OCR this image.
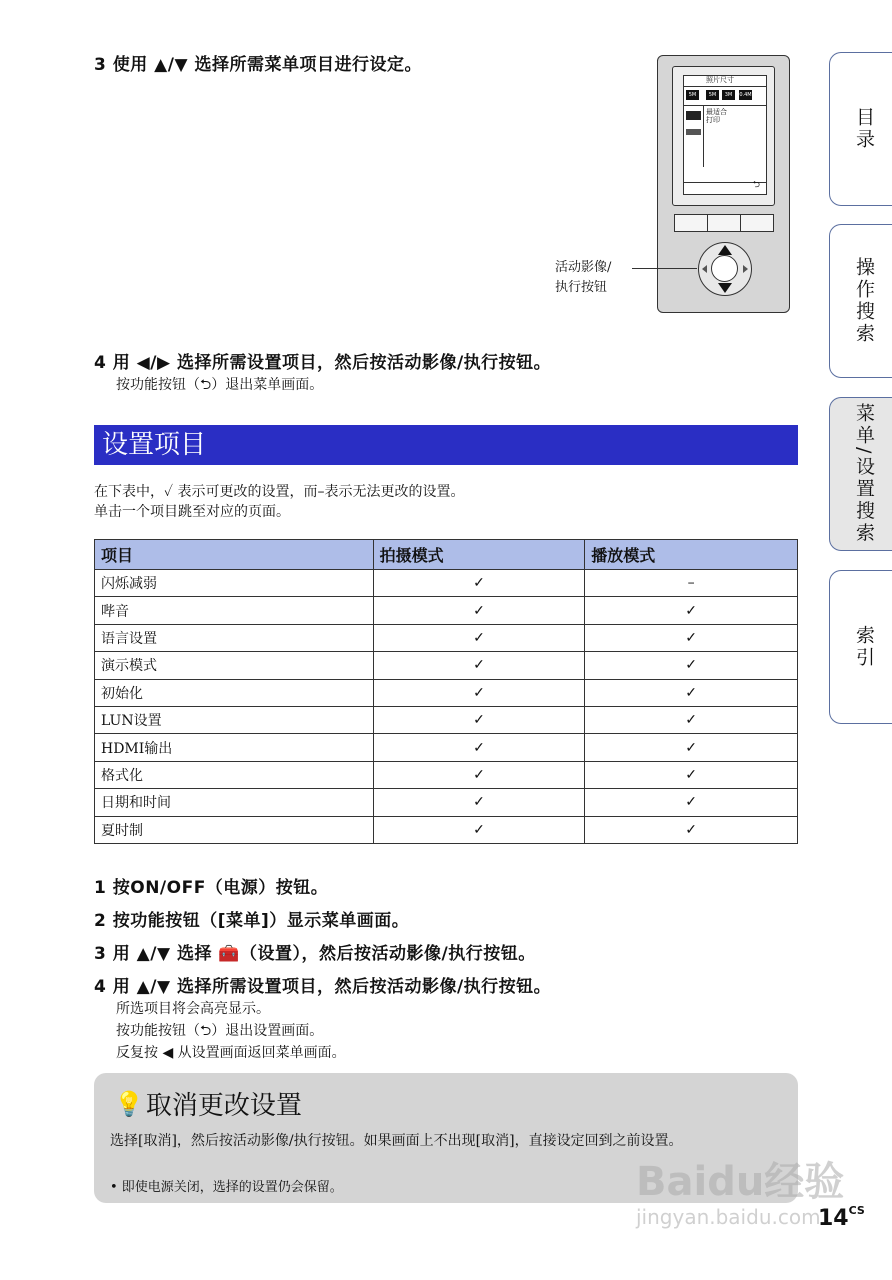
3 使用 ▲/▼ 选择所需菜单项目进行设定。
照片尺寸
5M	5M	3M	0.4M
最适合
打印
⮌
活动影像/
执行按钮
4 用 ◀/▶ 选择所需设置项目，然后按活动影像/执行按钮。
按功能按钮（⮌）退出菜单画面。
目录
操作搜索
菜单/设置搜索
索引
设置项目
在下表中，✓ 表示可更改的设置，而–表示无法更改的设置。
单击一个项目跳至对应的页面。
项目	拍摄模式	播放模式
闪烁减弱	✓	–
哔音	✓	✓
语言设置	✓	✓
演示模式	✓	✓
初始化	✓	✓
LUN设置	✓	✓
HDMI输出	✓	✓
格式化	✓	✓
日期和时间	✓	✓
夏时制	✓	✓
1 按ON/OFF（电源）按钮。
2 按功能按钮（[菜单]）显示菜单画面。
3 用 ▲/▼ 选择 🧰（设置），然后按活动影像/执行按钮。
4 用 ▲/▼ 选择所需设置项目，然后按活动影像/执行按钮。
所选项目将会高亮显示。
按功能按钮（⮌）退出设置画面。
反复按 ◀ 从设置画面返回菜单画面。
💡 取消更改设置
选择[取消]，然后按活动影像/执行按钮。如果画面上不出现[取消]，直接设定回到之前设置。
• 即使电源关闭，选择的设置仍会保留。	Baidu经验
jingyan.baidu.com
$14^{CS}$
